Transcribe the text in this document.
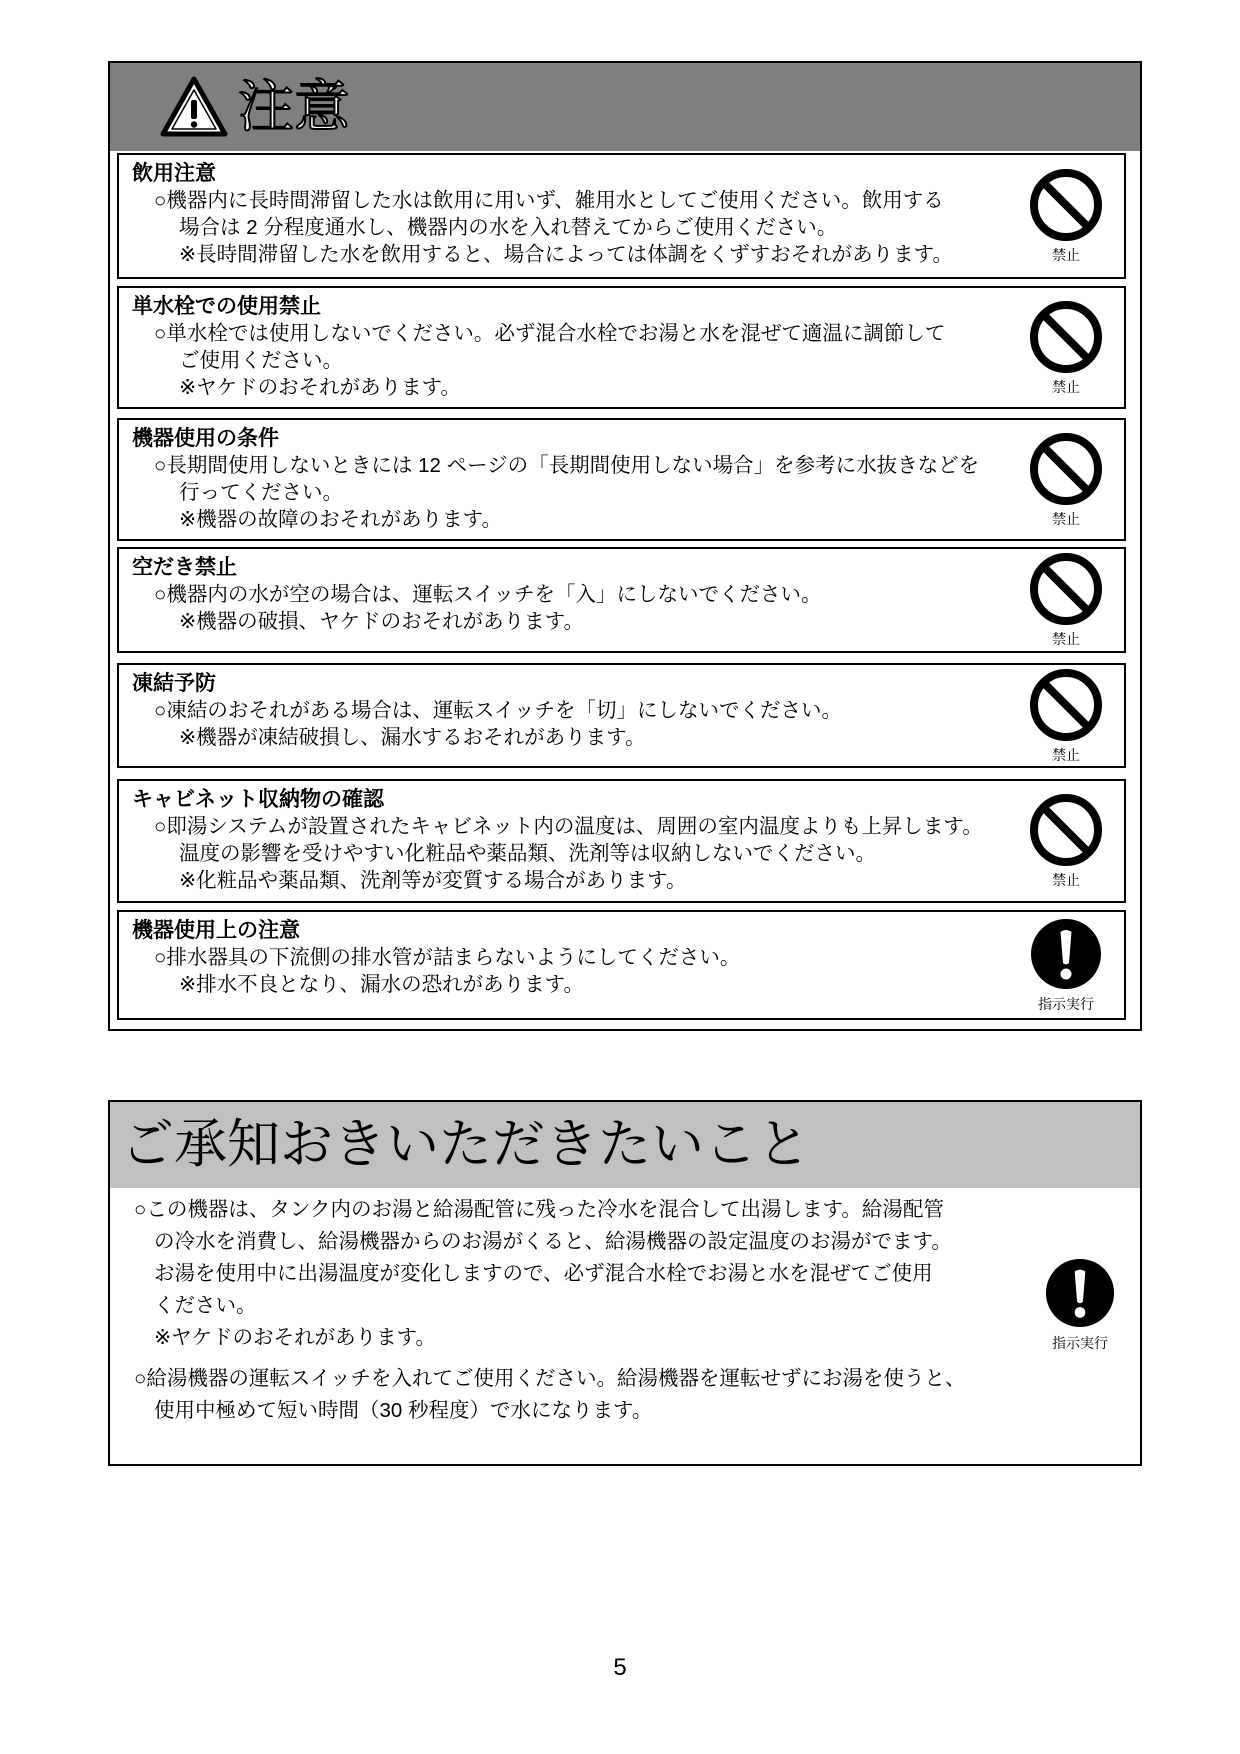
注意
飲用注意
○機器内に長時間滞留した水は飲用に用いず、雑用水としてご使用ください。飲用する
場合は 2 分程度通水し、機器内の水を入れ替えてからご使用ください。
※長時間滞留した水を飲用すると、場合によっては体調をくずすおそれがあります。	禁止
単水栓での使用禁止
○単水栓では使用しないでください。必ず混合水栓でお湯と水を混ぜて適温に調節して
ご使用ください。
※ヤケドのおそれがあります。	禁止
機器使用の条件
○長期間使用しないときには 12 ページの「長期間使用しない場合」を参考に水抜きなどを
行ってください。
※機器の故障のおそれがあります。	禁止
空だき禁止
○機器内の水が空の場合は、運転スイッチを「入」にしないでください。
※機器の破損、ヤケドのおそれがあります。
禁止
凍結予防
○凍結のおそれがある場合は、運転スイッチを「切」にしないでください。
※機器が凍結破損し、漏水するおそれがあります。
禁止
キャビネット収納物の確認
○即湯システムが設置されたキャビネット内の温度は、周囲の室内温度よりも上昇します。
温度の影響を受けやすい化粧品や薬品類、洗剤等は収納しないでください。
※化粧品や薬品類、洗剤等が変質する場合があります。	禁止
機器使用上の注意
○排水器具の下流側の排水管が詰まらないようにしてください。
※排水不良となり、漏水の恐れがあります。
指示実行
ご承知おきいただきたいこと
○この機器は、タンク内のお湯と給湯配管に残った冷水を混合して出湯します。給湯配管
の冷水を消費し、給湯機器からのお湯がくると、給湯機器の設定温度のお湯がでます。
お湯を使用中に出湯温度が変化しますので、必ず混合水栓でお湯と水を混ぜてご使用
ください。
※ヤケドのおそれがあります。
○給湯機器の運転スイッチを入れてご使用ください。給湯機器を運転せずにお湯を使うと、
使用中極めて短い時間（30 秒程度）で水になります。
指示実行
5
